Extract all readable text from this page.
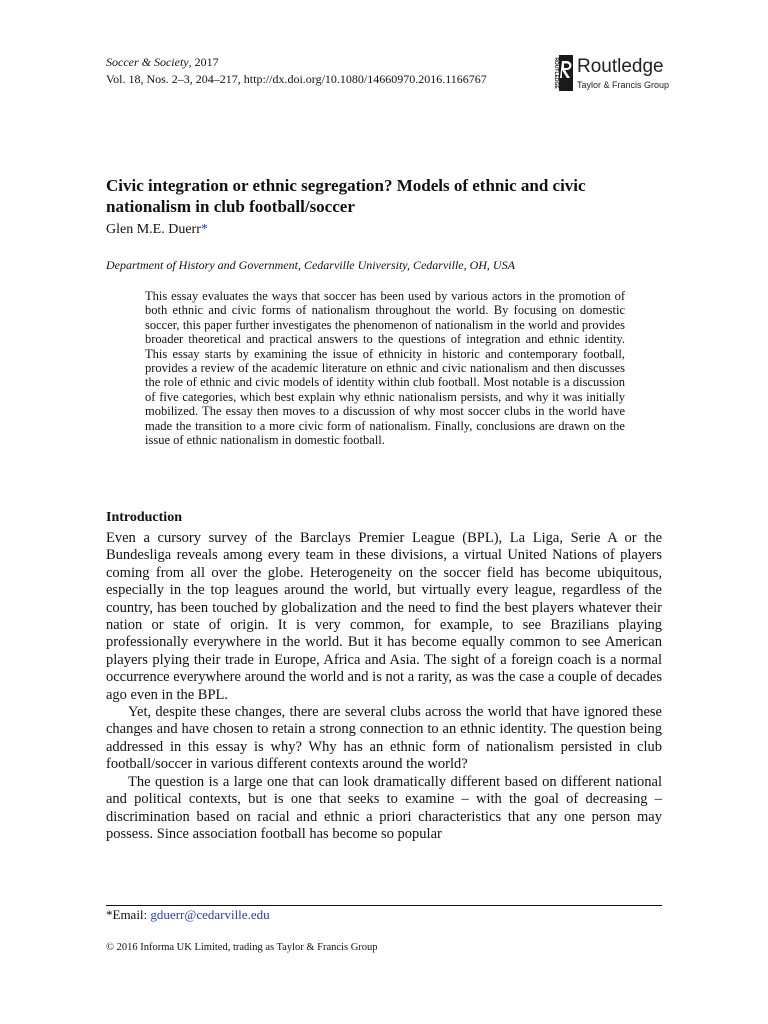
Soccer & Society, 2017
Vol. 18, Nos. 2–3, 204–217, http://dx.doi.org/10.1080/14660970.2016.1166767	ROUTLEDGE Routledge
Taylor & Francis Group
Civic integration or ethnic segregation? Models of ethnic and civic nationalism in club football/soccer
Glen M.E. Duerr*
Department of History and Government, Cedarville University, Cedarville, OH, USA

This essay evaluates the ways that soccer has been used by various actors in the promotion of both ethnic and civic forms of nationalism throughout the world. By focusing on domestic soccer, this paper further investigates the phenomenon of nationalism in the world and provides broader theoretical and practical answers to the questions of integration and ethnic identity. This essay starts by examining the issue of ethnicity in historic and contemporary football, provides a review of the academic literature on ethnic and civic nationalism and then discusses the role of ethnic and civic models of identity within club football. Most notable is a discussion of five categories, which best explain why ethnic nationalism persists, and why it was initially mobilized. The essay then moves to a discussion of why most soccer clubs in the world have made the transition to a more civic form of nationalism. Finally, conclusions are drawn on the issue of ethnic nationalism in domestic football.

Introduction

Even a cursory survey of the Barclays Premier League (BPL), La Liga, Serie A or the Bundesliga reveals among every team in these divisions, a virtual United Nations of players coming from all over the globe. Heterogeneity on the soccer field has become ubiquitous, especially in the top leagues around the world, but virtually every league, regardless of the country, has been touched by globalization and the need to find the best players whatever their nation or state of origin. It is very common, for example, to see Brazilians playing professionally everywhere in the world. But it has become equally common to see American players plying their trade in Europe, Africa and Asia. The sight of a foreign coach is a normal occurrence everywhere around the world and is not a rarity, as was the case a couple of decades ago even in the BPL.

Yet, despite these changes, there are several clubs across the world that have ignored these changes and have chosen to retain a strong connection to an ethnic identity. The question being addressed in this essay is why? Why has an ethnic form of nationalism persisted in club football/soccer in various different contexts around the world?

The question is a large one that can look dramatically different based on different national and political contexts, but is one that seeks to examine – with the goal of decreasing – discrimination based on racial and ethnic a priori characteristics that any one person may possess. Since association football has become so popular

*Email: gduerr@cedarville.edu
© 2016 Informa UK Limited, trading as Taylor & Francis Group
